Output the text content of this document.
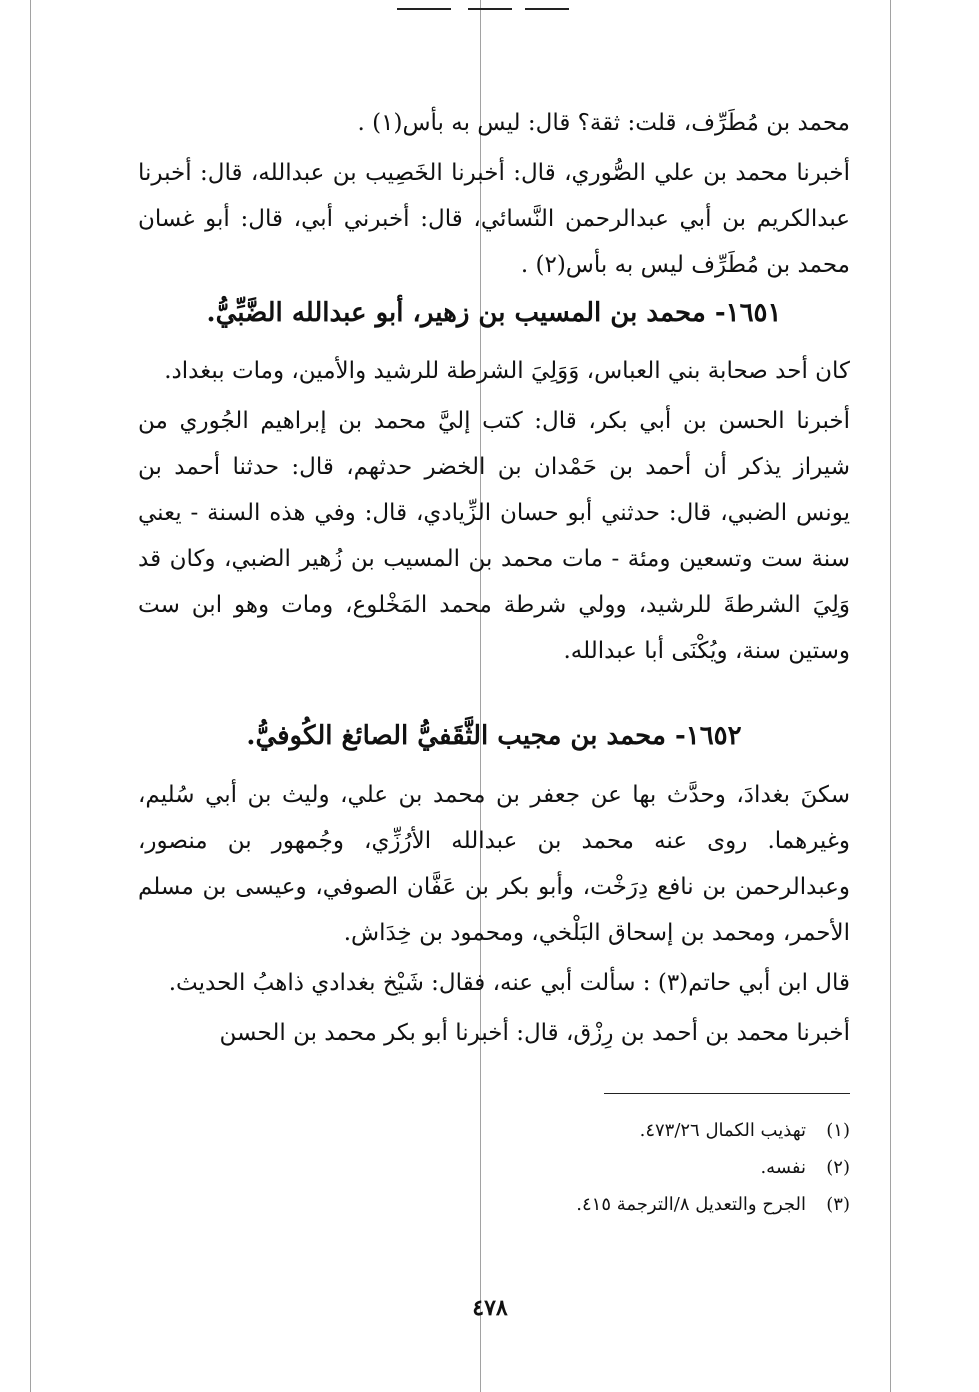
محمد بن مُطَرِّف، قلت: ثقة؟ قال: ليس به بأس(١) .

أخبرنا محمد بن علي الصُّوري، قال: أخبرنا الخَصِيب بن عبدالله، قال: أخبرنا عبدالكريم بن أبي عبدالرحمن النَّسائي، قال: أخبرني أبي، قال: أبو غسان محمد بن مُطَرِّف ليس به بأس(٢) .

١٦٥١- محمد بن المسيب بن زهير، أبو عبدالله الضَّبِّيُّ.

كان أحد صحابة بني العباس، وَوَلِيَ الشرطة للرشيد والأمين، ومات ببغداد.

أخبرنا الحسن بن أبي بكر، قال: كتب إليَّ محمد بن إبراهيم الجُوري من شيراز يذكر أن أحمد بن حَمْدان بن الخضر حدثهم، قال: حدثنا أحمد بن يونس الضبي، قال: حدثني أبو حسان الزِّيادي، قال: وفي هذه السنة - يعني سنة ست وتسعين ومئة - مات محمد بن المسيب بن زُهير الضبي، وكان قد وَلِيَ الشرطةَ للرشيد، وولي شرطة محمد المَخْلوع، ومات وهو ابن ست وستين سنة، ويُكْنَى أبا عبدالله.

١٦٥٢- محمد بن مجيب الثَّقَفيُّ الصائغ الكُوفيُّ.

سكنَ بغدادَ، وحدَّث بها عن جعفر بن محمد بن علي، وليث بن أبي سُليم، وغيرهما. روى عنه محمد بن عبدالله الأرُزِّي، وجُمهور بن منصور، وعبدالرحمن بن نافع دِرَخْت، وأبو بكر بن عَفَّان الصوفي، وعيسى بن مسلم الأحمر، ومحمد بن إسحاق البَلْخي، ومحمود بن خِدَاش.

قال ابن أبي حاتم(٣) : سألت أبي عنه، فقال: شَيْخ بغدادي ذاهبُ الحديث.

أخبرنا محمد بن أحمد بن رِزْق، قال: أخبرنا أبو بكر محمد بن الحسن

(١)تهذيب الكمال ٤٧٣/٢٦.
(٢)نفسه.
(٣)الجرح والتعديل ٨/الترجمة ٤١٥.
٤٧٨
